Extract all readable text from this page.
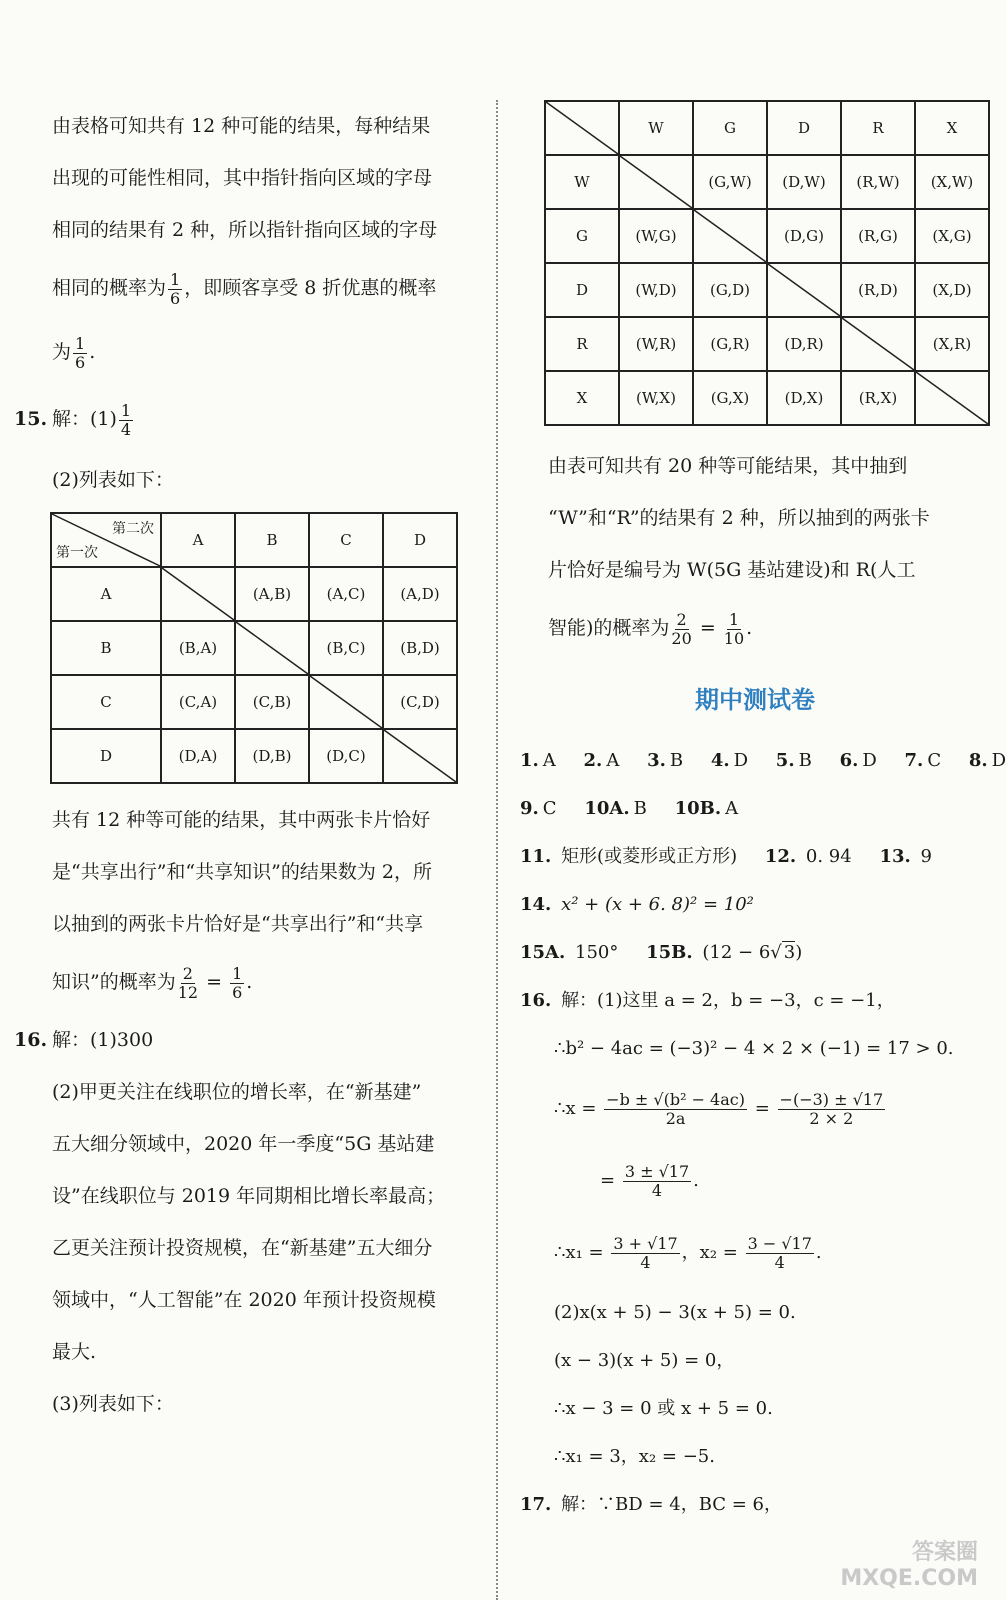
由表格可知共有 12 种可能的结果，每种结果
出现的可能性相同，其中指针指向区域的字母
相同的结果有 2 种，所以指针指向区域的字母
相同的概率为 $\frac{1}{6}$ ，即顾客享受 8 折优惠的概率
为 $\frac{1}{6}$ .
15. 解：$(1) \frac{1}{4}$
(2)列表如下：
第二次
第一次	A	B	C	D
A		(A,B)	(A,C)	(A,D)
B	(B,A)		(B,C)	(B,D)
C	(C,A)	(C,B)		(C,D)
D	(D,A)	(D,B)	(D,C)	
共有 12 种等可能的结果，其中两张卡片恰好
是“共享出行”和“共享知识”的结果数为 2，所
以抽到的两张卡片恰好是“共享出行”和“共享
知识”的概率为 $\frac{2}{12} = \frac{1}{6}$ .
16. 解：(1)300
(2)甲更关注在线职位的增长率，在“新基建”
五大细分领域中，2020 年一季度“5G 基站建
设”在线职位与 2019 年同期相比增长率最高；
乙更关注预计投资规模，在“新基建”五大细分
领域中，“人工智能”在 2020 年预计投资规模
最大.
(3)列表如下：
	W	G	D	R	X
W		(G,W)	(D,W)	(R,W)	(X,W)
G	(W,G)		(D,G)	(R,G)	(X,G)
D	(W,D)	(G,D)		(R,D)	(X,D)
R	(W,R)	(G,R)	(D,R)		(X,R)
X	(W,X)	(G,X)	(D,X)	(R,X)	
由表可知共有 20 种等可能结果，其中抽到
“W”和“R”的结果有 2 种，所以抽到的两张卡
片恰好是编号为 W(5G 基站建设)和 R(人工
智能)的概率为 $\frac{2}{20} = \frac{1}{10}$ .
期中测试卷
1. A 2. A 3. B 4. D 5. B 6. D 7. C 8. D
9. C 10A. B 10B. A
11. 矩形(或菱形或正方形) 12. 0. 94 13. 9
14. x² + (x + 6. 8)² = 10²
15A. 150° 15B. (12 − 6√ 3)
16. 解：(1)这里 a = 2，b = −3，c = −1，
∴b² − 4ac = (−3)² − 4 × 2 × (−1) = 17 > 0.
∴x = $\frac{\text{−b ± √(b² − 4ac)}}{2a} = \frac{-(-3) \pm √17}{2 \times 2}$
= $\frac{3 \pm √17}{4}$ .
∴x₁ = $\frac{3 + √17}{4}$ ，$x_2 = \frac{3 - √17}{4}$ .
(2)x(x + 5) − 3(x + 5) = 0.
(x − 3)(x + 5) = 0，
∴x − 3 = 0 或 x + 5 = 0.
∴x₁ = 3，x₂ = −5.
17. 解：∵BD = 4，BC = 6，
答案圈
MXQE.COM
